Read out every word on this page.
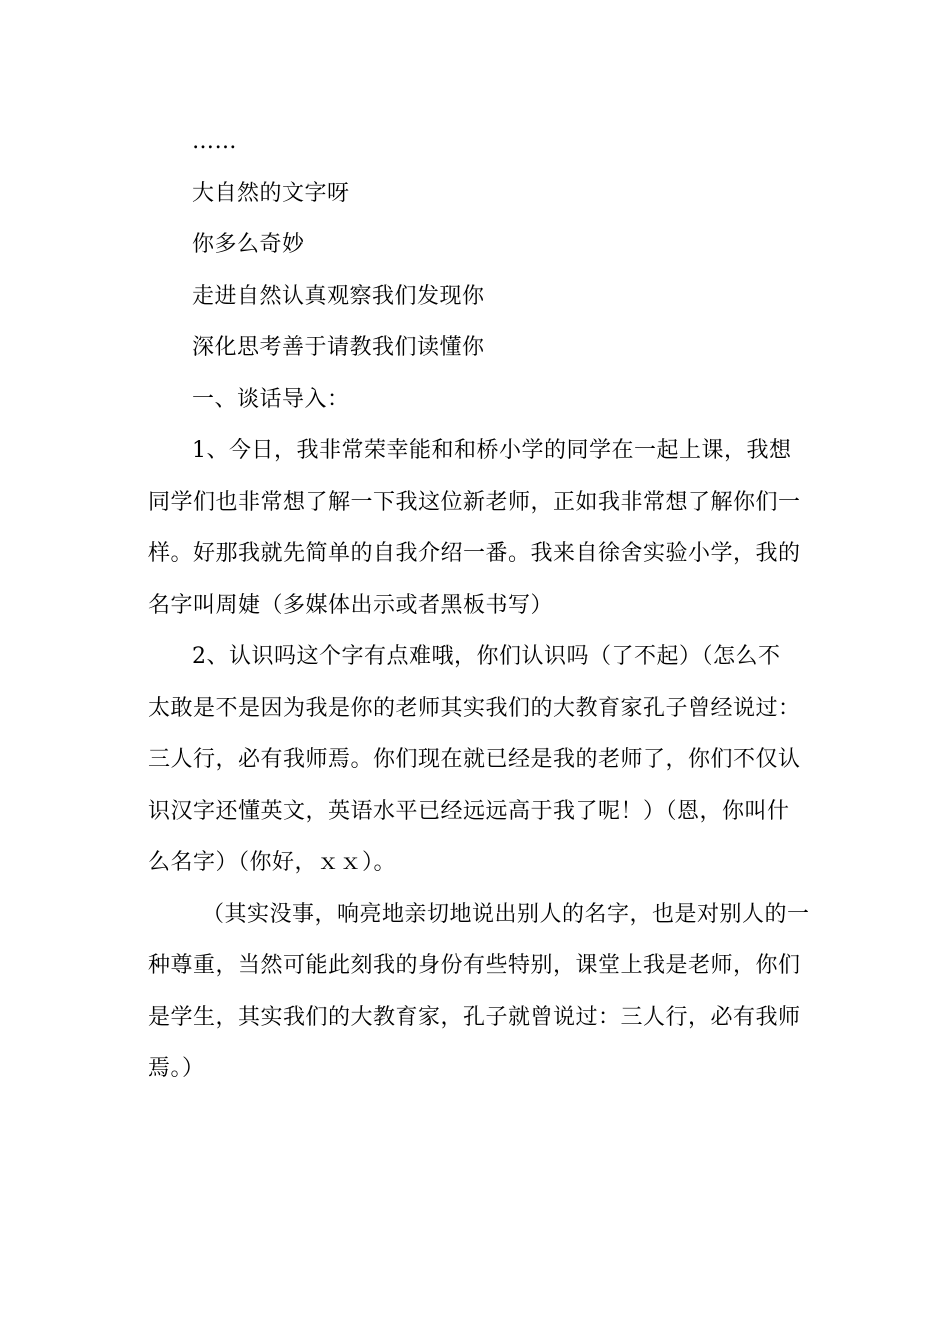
……

大自然的文字呀

你多么奇妙

走进自然认真观察我们发现你

深化思考善于请教我们读懂你

一、谈话导入：

1、今日，我非常荣幸能和和桥小学的同学在一起上课，我想

同学们也非常想了解一下我这位新老师，正如我非常想了解你们一

样。好那我就先简单的自我介绍一番。我来自徐舍实验小学，我的

名字叫周婕（多媒体出示或者黑板书写）

2、认识吗这个字有点难哦，你们认识吗（了不起）（怎么不

太敢是不是因为我是你的老师其实我们的大教育家孔子曾经说过：

三人行，必有我师焉。你们现在就已经是我的老师了，你们不仅认

识汉字还懂英文，英语水平已经远远高于我了呢！）（恩，你叫什

么名字）（你好，ｘｘ）。

（其实没事，响亮地亲切地说出别人的名字，也是对别人的一

种尊重，当然可能此刻我的身份有些特别，课堂上我是老师，你们

是学生，其实我们的大教育家，孔子就曾说过：三人行，必有我师

焉。）
